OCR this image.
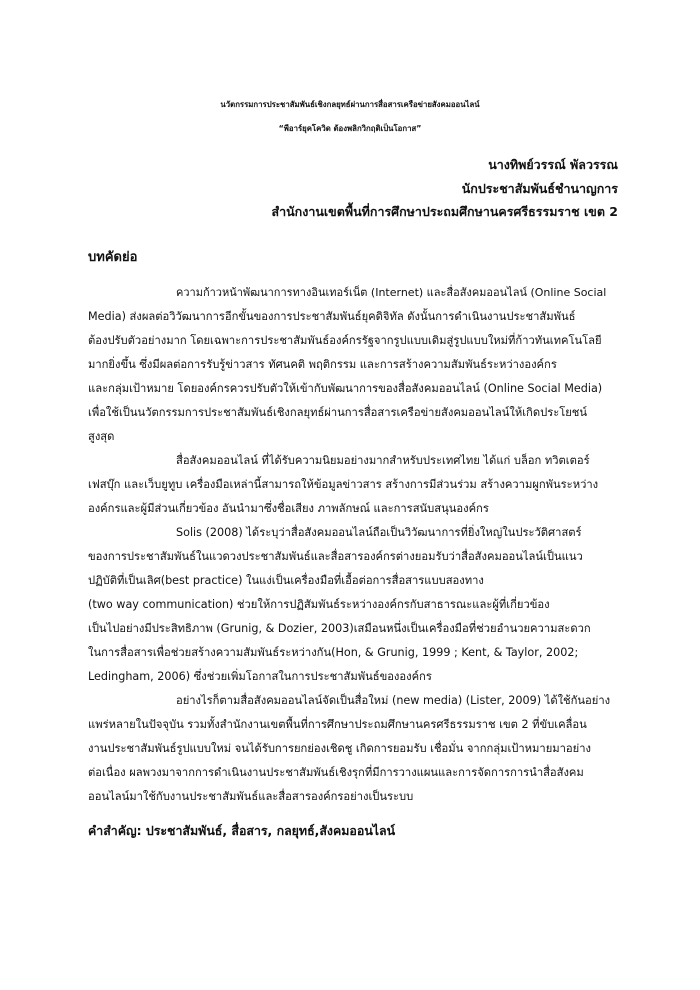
นวัตกรรมการประชาสัมพันธ์เชิงกลยุทธ์ผ่านการสื่อสารเครือข่ายสังคมออนไลน์
“พีอาร์ยุคโควิด ต้องพลิกวิกฤติเป็นโอกาส”
นางทิพย์วรรณ์ พัลวรรณ
นักประชาสัมพันธ์ชำนาญการ
สำนักงานเขตพื้นที่การศึกษาประถมศึกษานครศรีธรรมราช เขต 2
บทคัดย่อ
ความก้าวหน้าพัฒนาการทางอินเทอร์เน็ต (Internet) และสื่อสังคมออนไลน์ (Online Social
Media) ส่งผลต่อวิวัฒนาการอีกขั้นของการประชาสัมพันธ์ยุคดิจิทัล ดังนั้นการดำเนินงานประชาสัมพันธ์
ต้องปรับตัวอย่างมาก โดยเฉพาะการประชาสัมพันธ์องค์กรรัฐจากรูปแบบเดิมสู่รูปแบบใหม่ที่ก้าวทันเทคโนโลยี
มากยิ่งขึ้น ซึ่งมีผลต่อการรับรู้ข่าวสาร ทัศนคติ พฤติกรรม และการสร้างความสัมพันธ์ระหว่างองค์กร
และกลุ่มเป้าหมาย โดยองค์กรควรปรับตัวให้เข้ากับพัฒนาการของสื่อสังคมออนไลน์ (Online Social Media)
เพื่อใช้เป็นนวัตกรรมการประชาสัมพันธ์เชิงกลยุทธ์ผ่านการสื่อสารเครือข่ายสังคมออนไลน์ให้เกิดประโยชน์
สูงสุด
สื่อสังคมออนไลน์ ที่ได้รับความนิยมอย่างมากสำหรับประเทศไทย ได้แก่ บล็อก ทวิตเตอร์
เฟสบุ๊ก และเว็บยูทูบ เครื่องมือเหล่านี้สามารถให้ข้อมูลข่าวสาร สร้างการมีส่วนร่วม สร้างความผูกพันระหว่าง
องค์กรและผู้มีส่วนเกี่ยวข้อง อันนำมาซึ่งชื่อเสียง ภาพลักษณ์ และการสนับสนุนองค์กร
Solis (2008) ได้ระบุว่าสื่อสังคมออนไลน์ถือเป็นวิวัฒนาการที่ยิ่งใหญ่ในประวัติศาสตร์
ของการประชาสัมพันธ์ในแวดวงประชาสัมพันธ์และสื่อสารองค์กรต่างยอมรับว่าสื่อสังคมออนไลน์เป็นแนว
ปฏิบัติที่เป็นเลิศ(best practice) ในแง่เป็นเครื่องมือที่เอื้อต่อการสื่อสารแบบสองทาง
(two way communication) ช่วยให้การปฏิสัมพันธ์ระหว่างองค์กรกับสาธารณะและผู้ที่เกี่ยวข้อง
เป็นไปอย่างมีประสิทธิภาพ (Grunig, & Dozier, 2003)เสมือนหนึ่งเป็นเครื่องมือที่ช่วยอำนวยความสะดวก
ในการสื่อสารเพื่อช่วยสร้างความสัมพันธ์ระหว่างกัน(Hon, & Grunig, 1999 ; Kent, & Taylor, 2002;
Ledingham, 2006) ซึ่งช่วยเพิ่มโอกาสในการประชาสัมพันธ์ขององค์กร
อย่างไรก็ตามสื่อสังคมออนไลน์จัดเป็นสื่อใหม่ (new media) (Lister, 2009) ได้ใช้กันอย่าง
แพร่หลายในปัจจุบัน รวมทั้งสำนักงานเขตพื้นที่การศึกษาประถมศึกษานครศรีธรรมราช เขต 2 ที่ขับเคลื่อน
งานประชาสัมพันธ์รูปแบบใหม่ จนได้รับการยกย่องเชิดชู เกิดการยอมรับ เชื่อมั่น จากกลุ่มเป้าหมายมาอย่าง
ต่อเนื่อง ผลพวงมาจากการดำเนินงานประชาสัมพันธ์เชิงรุกที่มีการวางแผนและการจัดการการนำสื่อสังคม
ออนไลน์มาใช้กับงานประชาสัมพันธ์และสื่อสารองค์กรอย่างเป็นระบบ
คำสำคัญ: ประชาสัมพันธ์, สื่อสาร, กลยุทธ์,สังคมออนไลน์
